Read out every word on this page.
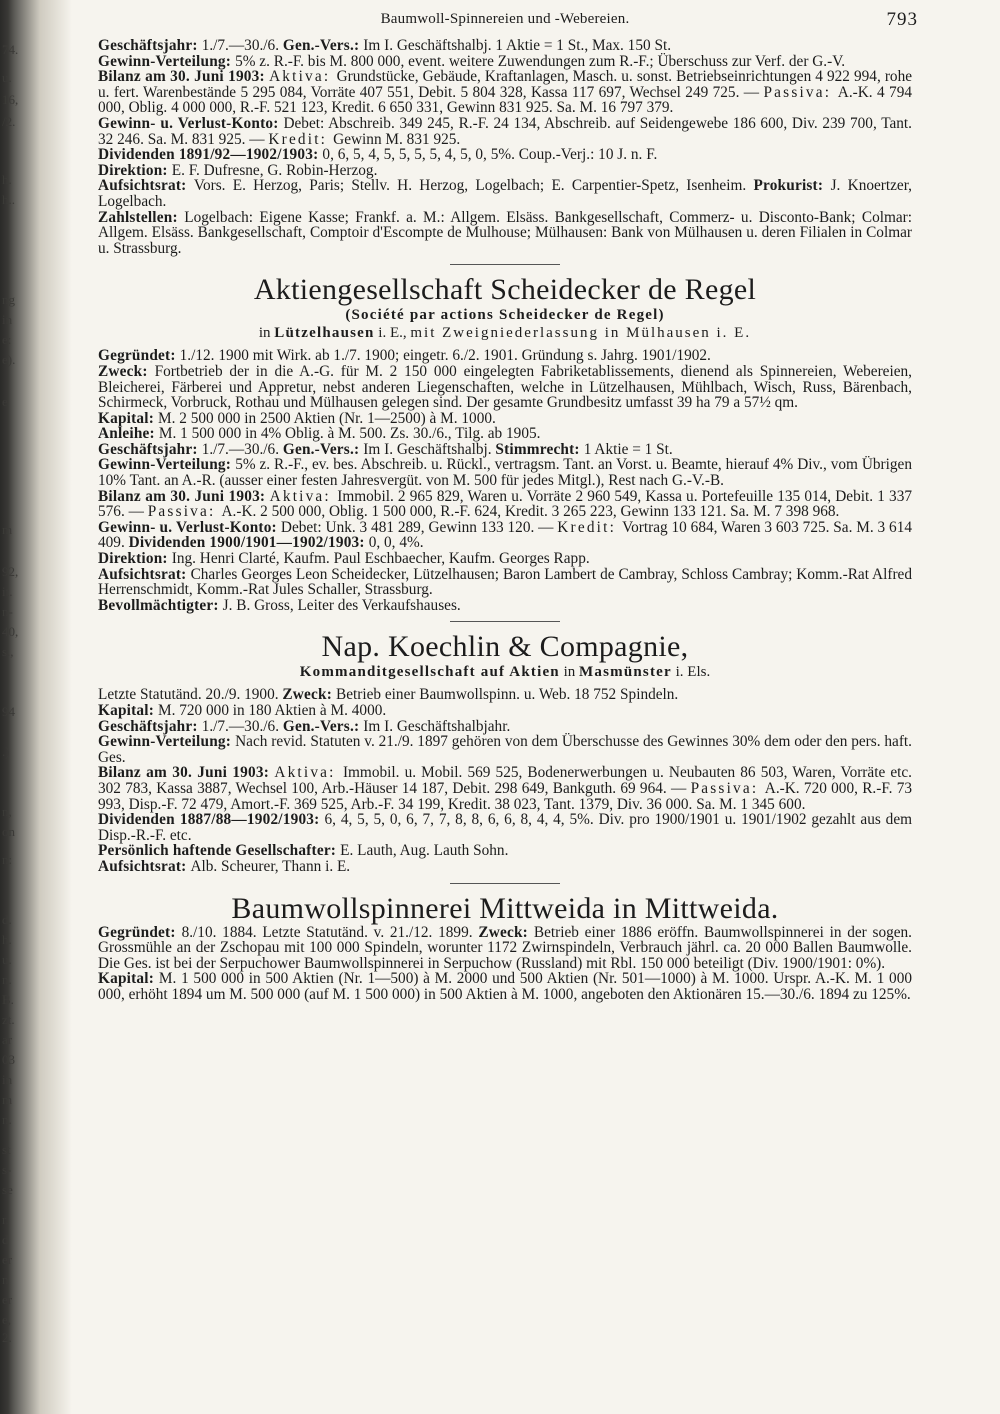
74.
u.
16,
/2.
h.
h..
ng
in
e:
e).
e
m
92,
it.
n-
40,
s.,
94
.)
n,
on
n:
d.
h.
u.
n.
B.
zt.
ar
03
in
m
n.
st
s-
se
r.
d
er
n
er
e,
2.
Baumwoll-Spinnereien und -Webereien.	793

Geschäftsjahr: 1./7.—30./6. Gen.-Vers.: Im I. Geschäftshalbj. 1 Aktie = 1 St., Max. 150 St.

Gewinn-Verteilung: 5% z. R.-F. bis M. 800 000, event. weitere Zuwendungen zum R.-F.; Überschuss zur Verf. der G.-V.

Bilanz am 30. Juni 1903: Aktiva: Grundstücke, Gebäude, Kraftanlagen, Masch. u. sonst. Betriebseinrichtungen 4 922 994, rohe u. fert. Warenbestände 5 295 084, Vorräte 407 551, Debit. 5 804 328, Kassa 117 697, Wechsel 249 725. — Passiva: A.-K. 4 794 000, Oblig. 4 000 000, R.-F. 521 123, Kredit. 6 650 331, Gewinn 831 925. Sa. M. 16 797 379.

Gewinn- u. Verlust-Konto: Debet: Abschreib. 349 245, R.-F. 24 134, Abschreib. auf Seidengewebe 186 600, Div. 239 700, Tant. 32 246. Sa. M. 831 925. — Kredit: Gewinn M. 831 925.

Dividenden 1891/92—1902/1903: 0, 6, 5, 4, 5, 5, 5, 5, 4, 5, 0, 5%. Coup.-Verj.: 10 J. n. F.

Direktion: E. F. Dufresne, G. Robin-Herzog.

Aufsichtsrat: Vors. E. Herzog, Paris; Stellv. H. Herzog, Logelbach; E. Carpentier-Spetz, Isenheim. Prokurist: J. Knoertzer, Logelbach.

Zahlstellen: Logelbach: Eigene Kasse; Frankf. a. M.: Allgem. Elsäss. Bankgesellschaft, Commerz- u. Disconto-Bank; Colmar: Allgem. Elsäss. Bankgesellschaft, Comptoir d'Escompte de Mulhouse; Mülhausen: Bank von Mülhausen u. deren Filialen in Colmar u. Strassburg.

Aktiengesellschaft Scheidecker de Regel
(Société par actions Scheidecker de Regel)
in Lützelhausen i. E., mit Zweigniederlassung in Mülhausen i. E.

Gegründet: 1./12. 1900 mit Wirk. ab 1./7. 1900; eingetr. 6./2. 1901. Gründung s. Jahrg. 1901/1902.

Zweck: Fortbetrieb der in die A.-G. für M. 2 150 000 eingelegten Fabriketablissements, dienend als Spinnereien, Webereien, Bleicherei, Färberei und Appretur, nebst anderen Liegenschaften, welche in Lützelhausen, Mühlbach, Wisch, Russ, Bärenbach, Schirmeck, Vorbruck, Rothau und Mülhausen gelegen sind. Der gesamte Grundbesitz umfasst 39 ha 79 a 57½ qm.

Kapital: M. 2 500 000 in 2500 Aktien (Nr. 1—2500) à M. 1000.

Anleihe: M. 1 500 000 in 4% Oblig. à M. 500. Zs. 30./6., Tilg. ab 1905.

Geschäftsjahr: 1./7.—30./6. Gen.-Vers.: Im I. Geschäftshalbj. Stimmrecht: 1 Aktie = 1 St.

Gewinn-Verteilung: 5% z. R.-F., ev. bes. Abschreib. u. Rückl., vertragsm. Tant. an Vorst. u. Beamte, hierauf 4% Div., vom Übrigen 10% Tant. an A.-R. (ausser einer festen Jahresvergüt. von M. 500 für jedes Mitgl.), Rest nach G.-V.-B.

Bilanz am 30. Juni 1903: Aktiva: Immobil. 2 965 829, Waren u. Vorräte 2 960 549, Kassa u. Portefeuille 135 014, Debit. 1 337 576. — Passiva: A.-K. 2 500 000, Oblig. 1 500 000, R.-F. 624, Kredit. 3 265 223, Gewinn 133 121. Sa. M. 7 398 968.

Gewinn- u. Verlust-Konto: Debet: Unk. 3 481 289, Gewinn 133 120. — Kredit: Vortrag 10 684, Waren 3 603 725. Sa. M. 3 614 409. Dividenden 1900/1901—1902/1903: 0, 0, 4%.

Direktion: Ing. Henri Clarté, Kaufm. Paul Eschbaecher, Kaufm. Georges Rapp.

Aufsichtsrat: Charles Georges Leon Scheidecker, Lützelhausen; Baron Lambert de Cambray, Schloss Cambray; Komm.-Rat Alfred Herrenschmidt, Komm.-Rat Jules Schaller, Strassburg.

Bevollmächtigter: J. B. Gross, Leiter des Verkaufshauses.

Nap. Koechlin & Compagnie,
Kommanditgesellschaft auf Aktien in Masmünster i. Els.

Letzte Statutänd. 20./9. 1900. Zweck: Betrieb einer Baumwollspinn. u. Web. 18 752 Spindeln.

Kapital: M. 720 000 in 180 Aktien à M. 4000.

Geschäftsjahr: 1./7.—30./6. Gen.-Vers.: Im I. Geschäftshalbjahr.

Gewinn-Verteilung: Nach revid. Statuten v. 21./9. 1897 gehören von dem Überschusse des Gewinnes 30% dem oder den pers. haft. Ges.

Bilanz am 30. Juni 1903: Aktiva: Immobil. u. Mobil. 569 525, Bodenerwerbungen u. Neubauten 86 503, Waren, Vorräte etc. 302 783, Kassa 3887, Wechsel 100, Arb.-Häuser 14 187, Debit. 298 649, Bankguth. 69 964. — Passiva: A.-K. 720 000, R.-F. 73 993, Disp.-F. 72 479, Amort.-F. 369 525, Arb.-F. 34 199, Kredit. 38 023, Tant. 1379, Div. 36 000. Sa. M. 1 345 600.

Dividenden 1887/88—1902/1903: 6, 4, 5, 5, 0, 6, 7, 7, 8, 8, 6, 6, 8, 4, 4, 5%. Div. pro 1900/1901 u. 1901/1902 gezahlt aus dem Disp.-R.-F. etc.

Persönlich haftende Gesellschafter: E. Lauth, Aug. Lauth Sohn.

Aufsichtsrat: Alb. Scheurer, Thann i. E.

Baumwollspinnerei Mittweida in Mittweida.

Gegründet: 8./10. 1884. Letzte Statutänd. v. 21./12. 1899. Zweck: Betrieb einer 1886 eröffn. Baumwollspinnerei in der sogen. Grossmühle an der Zschopau mit 100 000 Spindeln, worunter 1172 Zwirnspindeln, Verbrauch jährl. ca. 20 000 Ballen Baumwolle. Die Ges. ist bei der Serpuchower Baumwollspinnerei in Serpuchow (Russland) mit Rbl. 150 000 beteiligt (Div. 1900/1901: 0%).

Kapital: M. 1 500 000 in 500 Aktien (Nr. 1—500) à M. 2000 und 500 Aktien (Nr. 501—1000) à M. 1000. Urspr. A.-K. M. 1 000 000, erhöht 1894 um M. 500 000 (auf M. 1 500 000) in 500 Aktien à M. 1000, angeboten den Aktionären 15.—30./6. 1894 zu 125%.
